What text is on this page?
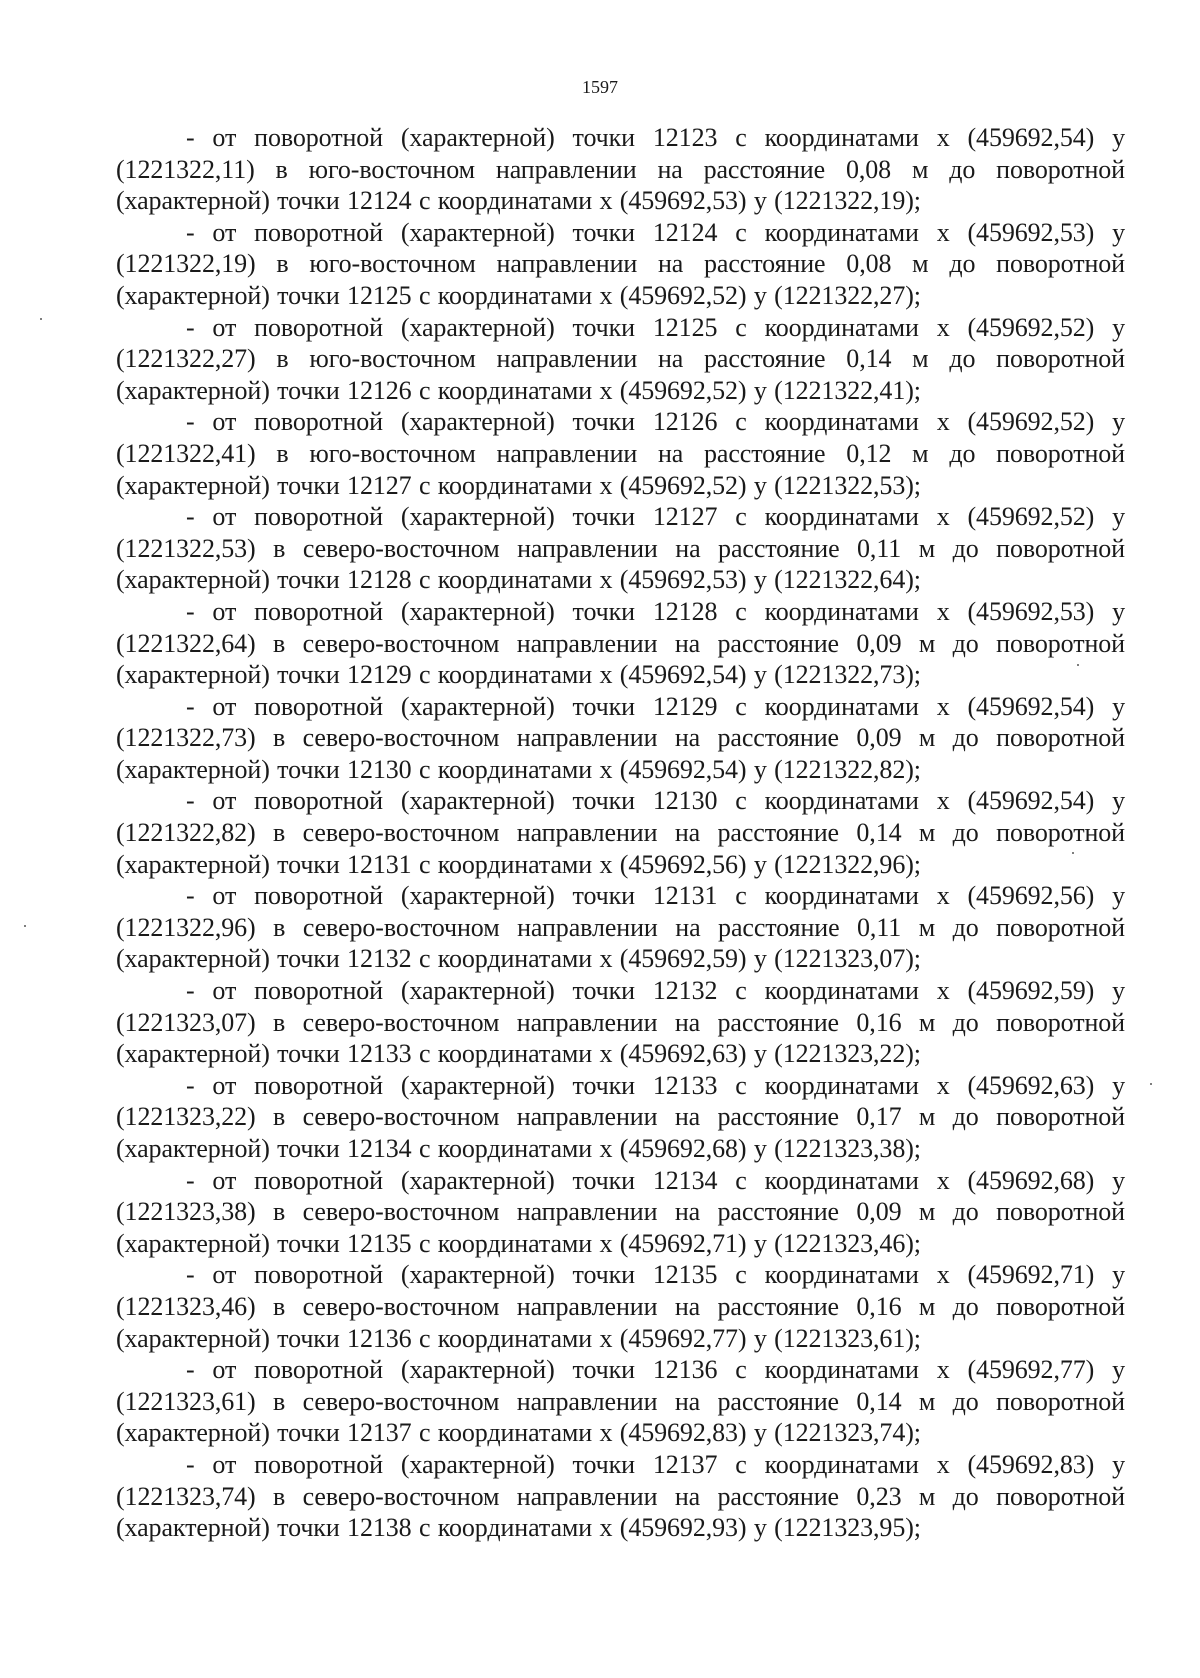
1597

- от поворотной (характерной) точки 12123 с координатами х (459692,54) у (1221322,11) в юго-восточном направлении на расстояние 0,08 м до поворотной (характерной) точки 12124 с координатами х (459692,53) у (1221322,19);

- от поворотной (характерной) точки 12124 с координатами х (459692,53) у (1221322,19) в юго-восточном направлении на расстояние 0,08 м до поворотной (характерной) точки 12125 с координатами х (459692,52) у (1221322,27);

- от поворотной (характерной) точки 12125 с координатами х (459692,52) у (1221322,27) в юго-восточном направлении на расстояние 0,14 м до поворотной (характерной) точки 12126 с координатами х (459692,52) у (1221322,41);

- от поворотной (характерной) точки 12126 с координатами х (459692,52) у (1221322,41) в юго-восточном направлении на расстояние 0,12 м до поворотной (характерной) точки 12127 с координатами х (459692,52) у (1221322,53);

- от поворотной (характерной) точки 12127 с координатами х (459692,52) у (1221322,53) в северо-восточном направлении на расстояние 0,11 м до поворотной (характерной) точки 12128 с координатами х (459692,53) у (1221322,64);

- от поворотной (характерной) точки 12128 с координатами х (459692,53) у (1221322,64) в северо-восточном направлении на расстояние 0,09 м до поворотной (характерной) точки 12129 с координатами х (459692,54) у (1221322,73);

- от поворотной (характерной) точки 12129 с координатами х (459692,54) у (1221322,73) в северо-восточном направлении на расстояние 0,09 м до поворотной (характерной) точки 12130 с координатами х (459692,54) у (1221322,82);

- от поворотной (характерной) точки 12130 с координатами х (459692,54) у (1221322,82) в северо-восточном направлении на расстояние 0,14 м до поворотной (характерной) точки 12131 с координатами х (459692,56) у (1221322,96);

- от поворотной (характерной) точки 12131 с координатами х (459692,56) у (1221322,96) в северо-восточном направлении на расстояние 0,11 м до поворотной (характерной) точки 12132 с координатами х (459692,59) у (1221323,07);

- от поворотной (характерной) точки 12132 с координатами х (459692,59) у (1221323,07) в северо-восточном направлении на расстояние 0,16 м до поворотной (характерной) точки 12133 с координатами х (459692,63) у (1221323,22);

- от поворотной (характерной) точки 12133 с координатами х (459692,63) у (1221323,22) в северо-восточном направлении на расстояние 0,17 м до поворотной (характерной) точки 12134 с координатами х (459692,68) у (1221323,38);

- от поворотной (характерной) точки 12134 с координатами х (459692,68) у (1221323,38) в северо-восточном направлении на расстояние 0,09 м до поворотной (характерной) точки 12135 с координатами х (459692,71) у (1221323,46);

- от поворотной (характерной) точки 12135 с координатами х (459692,71) у (1221323,46) в северо-восточном направлении на расстояние 0,16 м до поворотной (характерной) точки 12136 с координатами х (459692,77) у (1221323,61);

- от поворотной (характерной) точки 12136 с координатами х (459692,77) у (1221323,61) в северо-восточном направлении на расстояние 0,14 м до поворотной (характерной) точки 12137 с координатами х (459692,83) у (1221323,74);

- от поворотной (характерной) точки 12137 с координатами х (459692,83) у (1221323,74) в северо-восточном направлении на расстояние 0,23 м до поворотной (характерной) точки 12138 с координатами х (459692,93) у (1221323,95);
